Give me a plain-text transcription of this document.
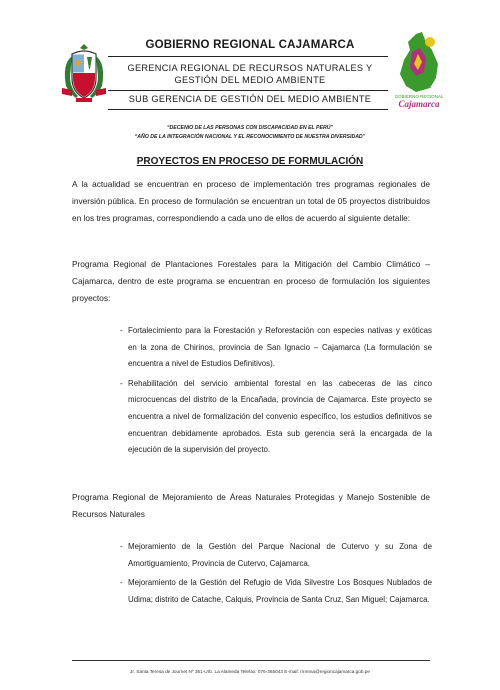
GOBIERNO REGIONAL CAJAMARCA
GERENCIA REGIONAL DE RECURSOS NATURALES Y
GESTIÓN DEL MEDIO AMBIENTE
SUB GERENCIA DE GESTIÓN DEL MEDIO AMBIENTE	GOBIERNO REGIONAL
Cajamarca
“DECENIO DE LAS PERSONAS CON DISCAPACIDAD EN EL PERÚ”
“AÑO DE LA INTEGRACIÓN NACIONAL Y EL RECONOCIMIENTO DE NUESTRA DIVERSIDAD”
PROYECTOS EN PROCESO DE FORMULACIÓN
A la actualidad se encuentran en proceso de implementación tres programas regionales de inversión pública. En proceso de formulación se encuentran un total de 05 proyectos distribuidos en los tres programas, correspondiendo a cada uno de ellos de acuerdo al siguiente detalle:
Programa Regional de Plantaciones Forestales para la Mitigación del Cambio Climático – Cajamarca, dentro de este programa se encuentran en proceso de formulación los siguientes proyectos:
- Fortalecimiento para la Forestación y Reforestación con especies nativas y exóticas en la zona de Chirinos, provincia de San Ignacio – Cajamarca (La formulación se encuentra a nivel de Estudios Definitivos).
- Rehabilitación del servicio ambiental forestal en las cabeceras de las cinco microcuencas del distrito de la Encañada, provincia de Cajamarca. Este proyecto se encuentra a nivel de formalización del convenio específico, los estudios definitivos se encuentran debidamente aprobados. Esta sub gerencia será la encargada de la ejecución de la supervisión del proyecto.
Programa Regional de Mejoramiento de Áreas Naturales Protegidas y Manejo Sostenible de Recursos Naturales
- Mejoramiento de la Gestión del Parque Nacional de Cutervo y su Zona de Amortiguamiento, Provincia de Cutervo, Cajamarca.
- Mejoramiento de la Gestión del Refugio de Vida Silvestre Los Bosques Nublados de Udima; distrito de Catache, Calquis, Provincia de Santa Cruz, San Miguel; Cajamarca.
Jr. Santa Teresa de Journet Nº 351-Urb. La Alameda Telefax: 076-365043 E-mail: rrnnma@regioncajamarca.gob.pe
